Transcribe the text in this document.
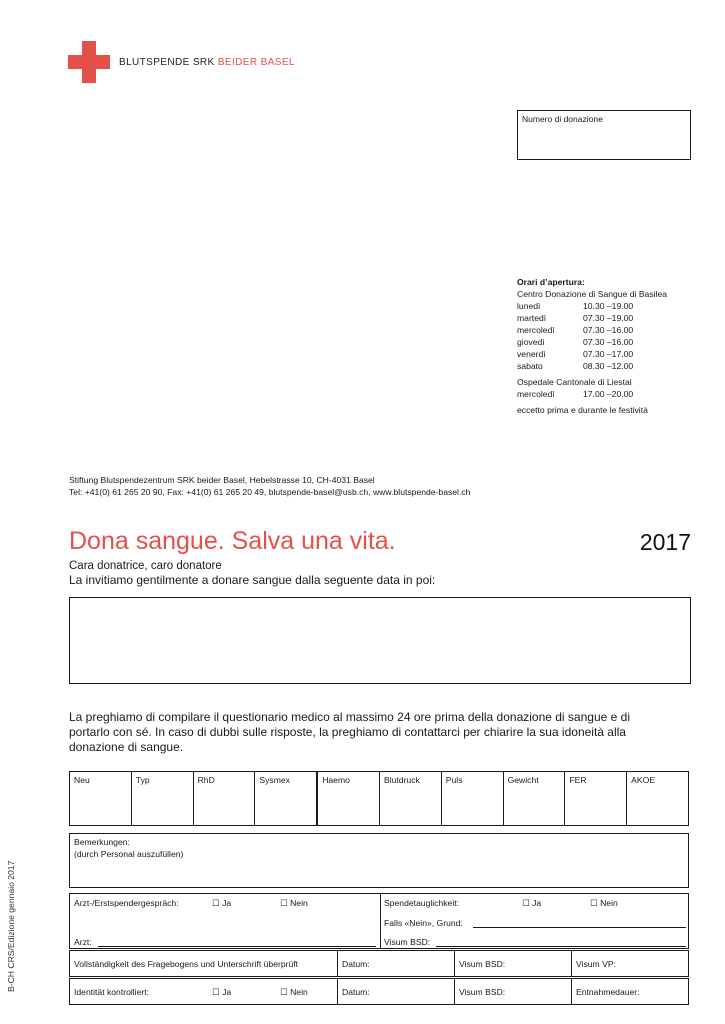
BLUTSPENDE SRK BEIDER BASEL
Numero di donazione
Orari d’apertura:
Centro Donazione di Sangue di Basilea
lunedì	10.30 –19.00
martedì	07.30 –19.00
mercoledì	07.30 –16.00
giovedì	07.30 –16.00
venerdì	07.30 –17.00
sabato	08.30 –12.00
Ospedale Cantonale di Liestal
mercoledì	17.00 –20.00
eccetto prima e durante le festività
Stiftung Blutspendezentrum SRK beider Basel, Hebelstrasse 10, CH-4031 Basel
Tel: +41(0) 61 265 20 90, Fax: +41(0) 61 265 20 49, blutspende-basel@usb.ch, www.blutspende-basel.ch
Dona sangue. Salva una vita.	2017
Cara donatrice, caro donatore
La invitiamo gentilmente a donare sangue dalla seguente data in poi:
La preghiamo di compilare il questionario medico al massimo 24 ore prima della donazione di sangue e di portarlo con sé. In caso di dubbi sulle risposte, la preghiamo di contattarci per chiarire la sua idoneità alla donazione di sangue.
Neu	Typ	RhD	Sysmex	Haemo	Blutdruck	Puls	Gewicht	FER	AKOE
Bemerkungen:
(durch Personal auszufüllen)
Arzt-/Erstspendergespräch:	☐ Ja	☐ Nein
Arzt:
Spendetauglichkeit:	☐ Ja	☐ Nein
Falls «Nein», Grund:
Visum BSD:
Vollständigkeit des Fragebogens und Unterschrift überprüft	Datum:	Visum BSD:	Visum VP:
Identität kontrolliert:	☐ Ja	☐ Nein	Datum:	Visum BSD:	Entnahmedauer:
B-CH CRS/Edizione gennaio 2017
